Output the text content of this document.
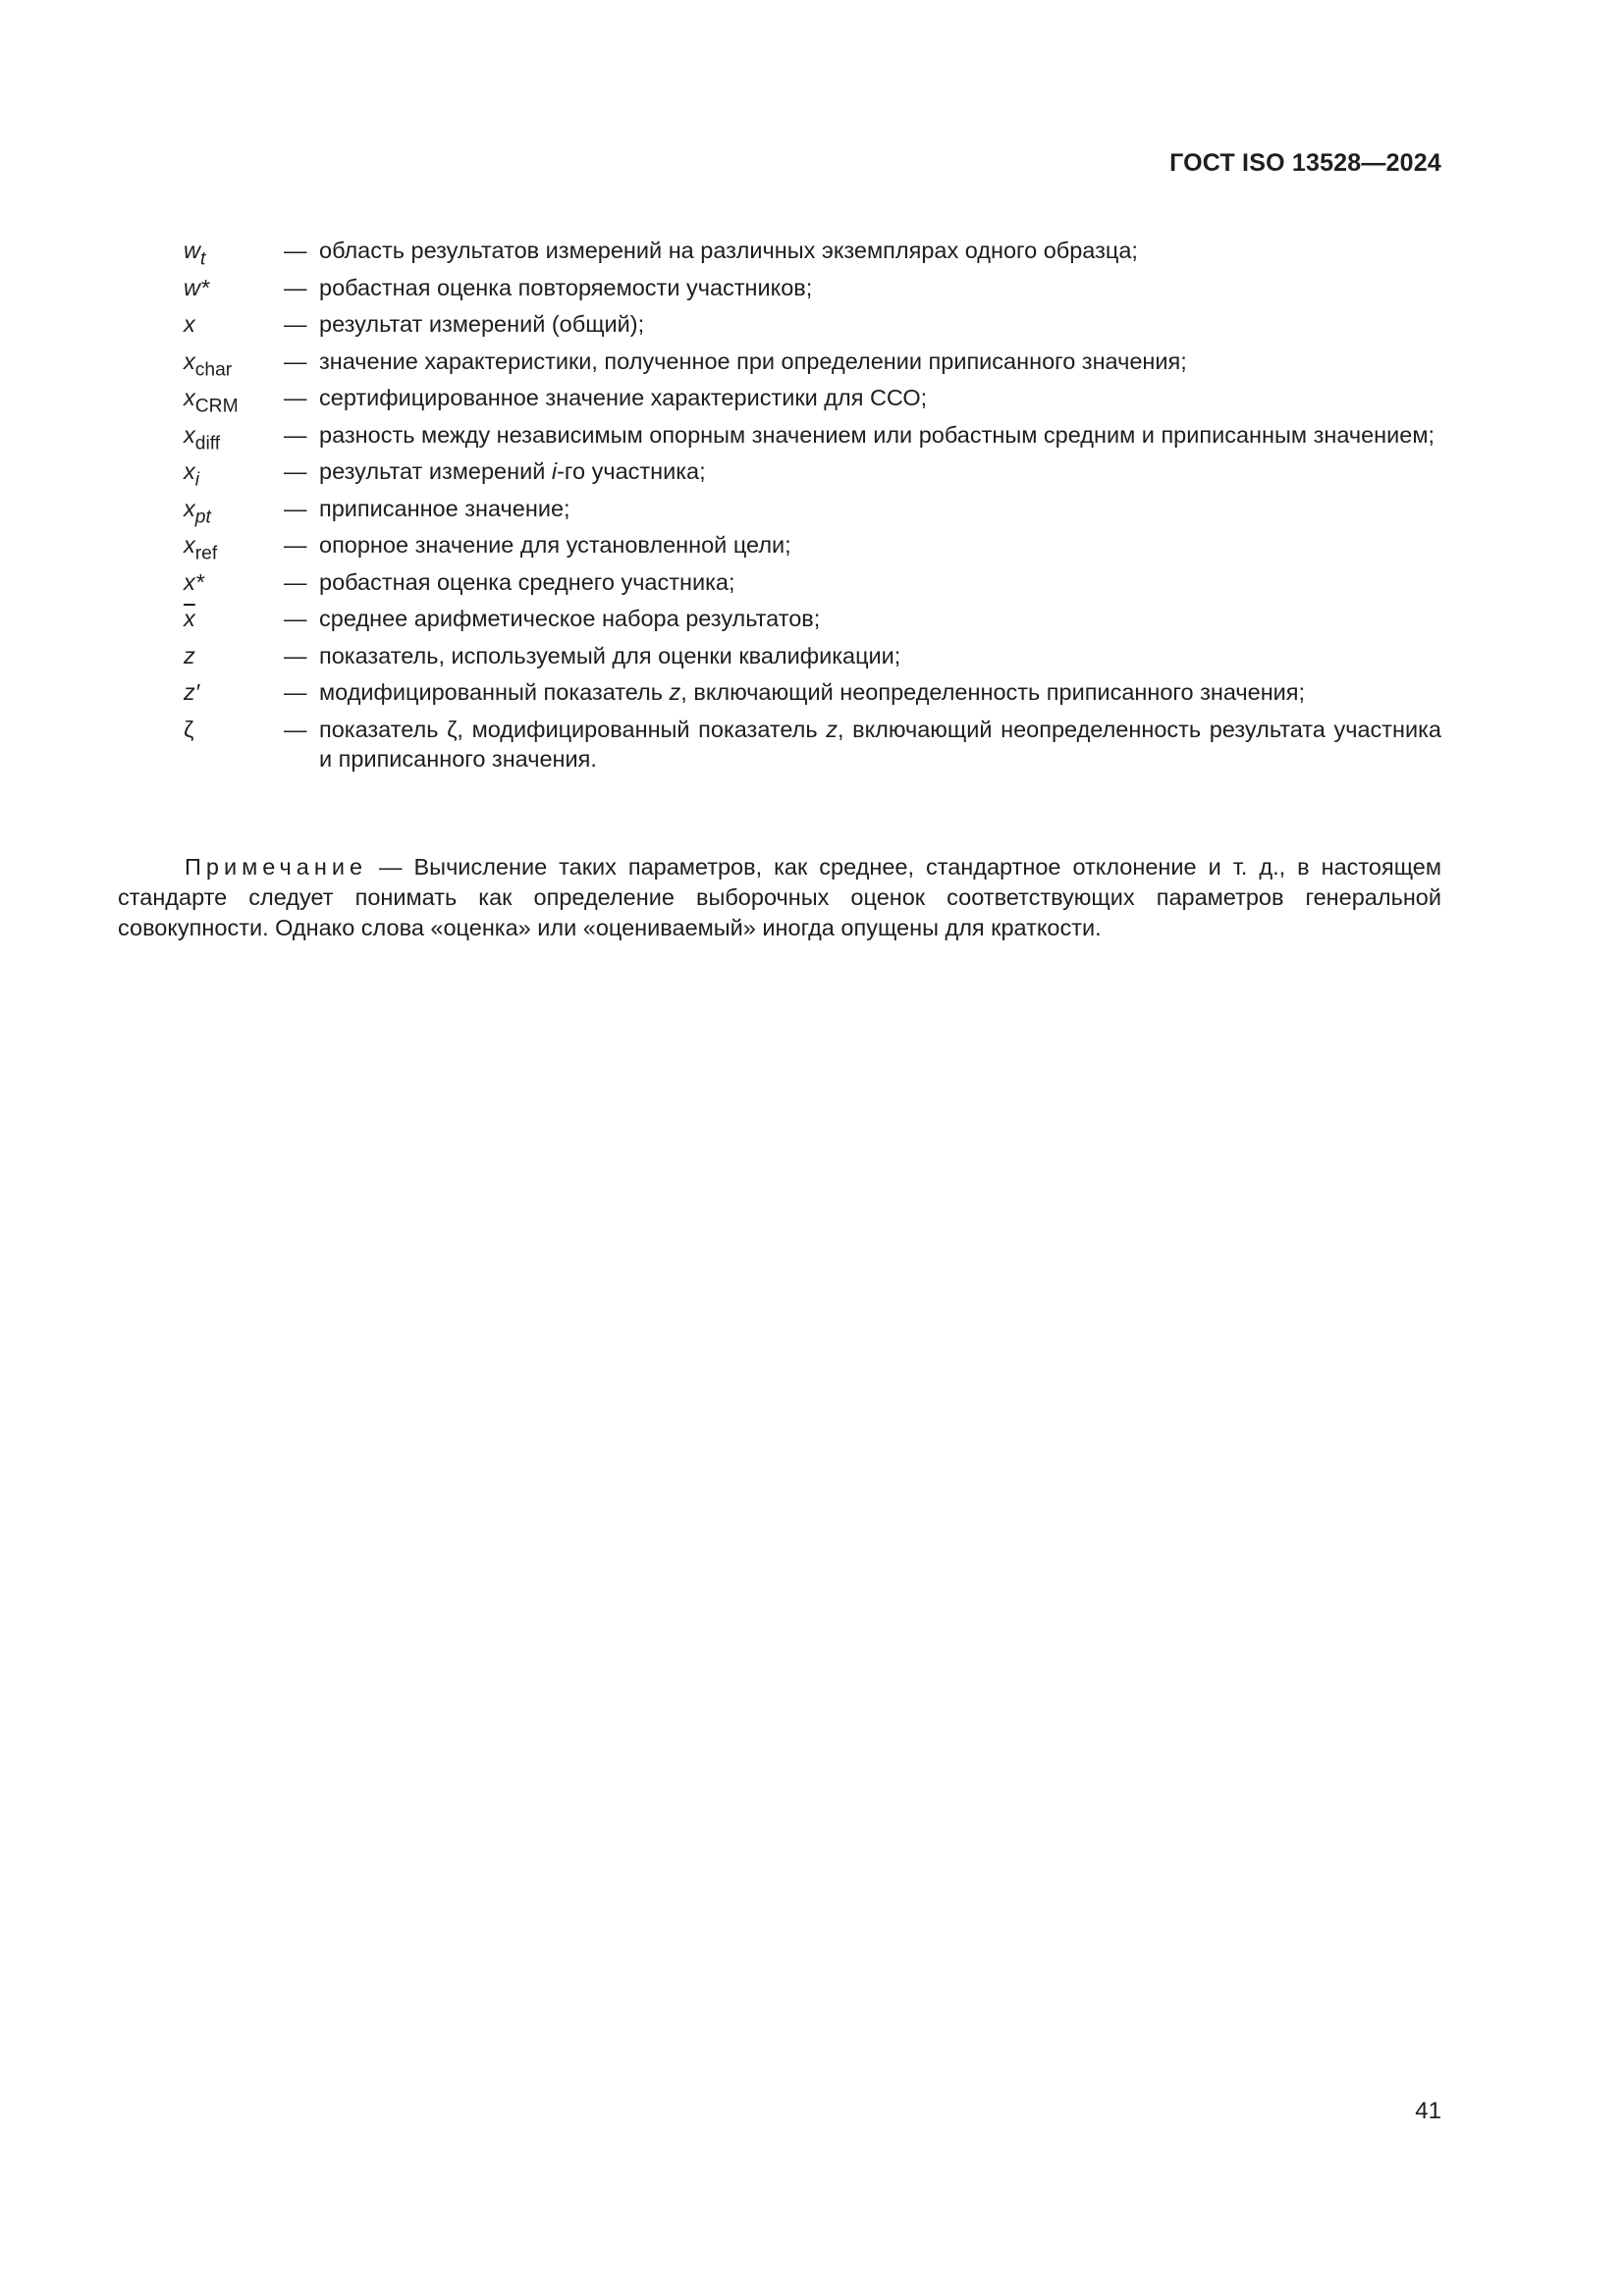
ГОСТ ISO 13528—2024
$w_t$	— область результатов измерений на различных экземплярах одного образца;
w*	— робастная оценка повторяемости участников;
x	— результат измерений (общий);
$x_{char}$	— значение характеристики, полученное при определении приписанного значения;
$x_{CRM}$	— сертифицированное значение характеристики для ССО;
$x_{diff}$	— разность между независимым опорным значением или робастным средним и приписанным значением;
$x_i$	— результат измерений i-го участника;
$x_{pt}$	— приписанное значение;
$x_{ref}$	— опорное значение для установленной цели;
x*	— робастная оценка среднего участника;
$\overline{x}$	— среднее арифметическое набора результатов;
z	— показатель, используемый для оценки квалификации;
z′	— модифицированный показатель z, включающий неопределенность приписанного значения;
ζ	— показатель ζ, модифицированный показатель z, включающий неопределенность результата участника и приписанного значения.
Примечание — Вычисление таких параметров, как среднее, стандартное отклонение и т. д., в настоящем стандарте следует понимать как определение выборочных оценок соответствующих параметров генеральной совокупности. Однако слова «оценка» или «оцениваемый» иногда опущены для краткости.
41
